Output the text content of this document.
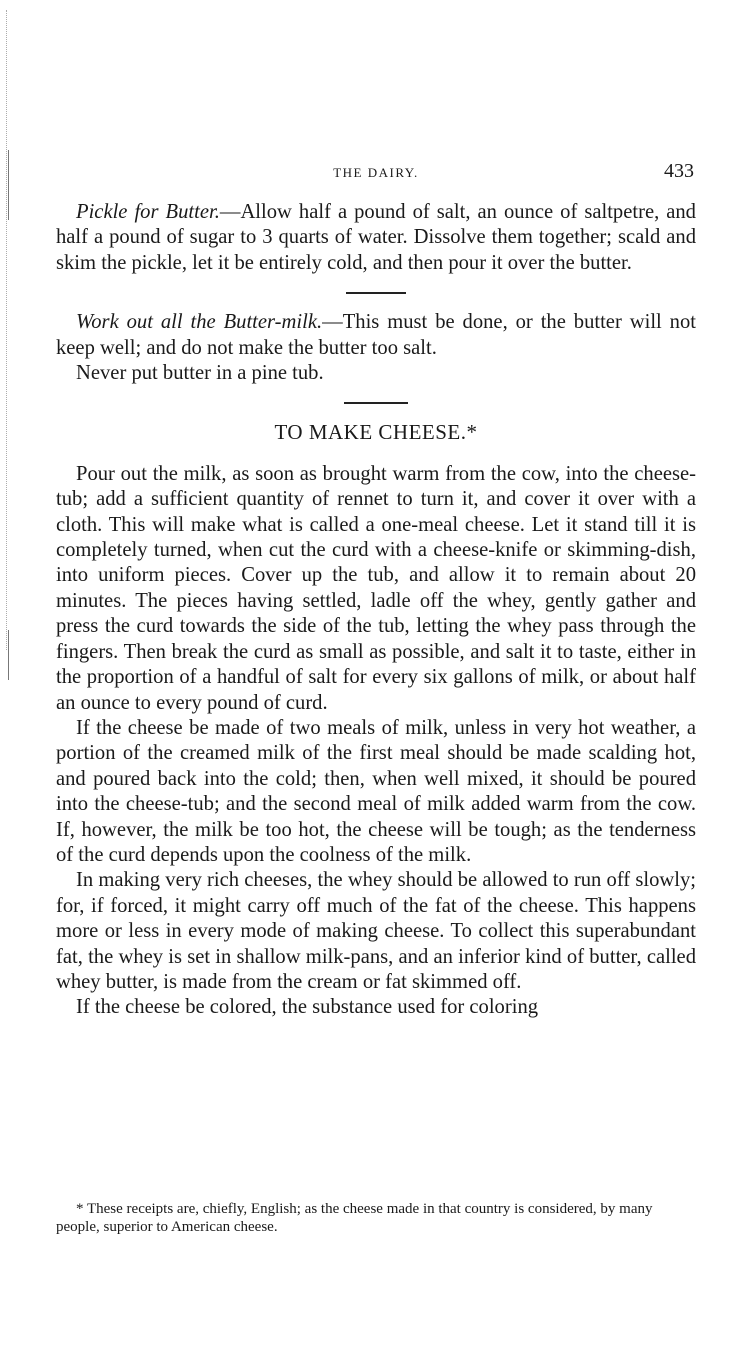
THE DAIRY.	433

Pickle for Butter.—Allow half a pound of salt, an ounce of saltpetre, and half a pound of sugar to 3 quarts of water. Dissolve them together; scald and skim the pickle, let it be entirely cold, and then pour it over the butter.

Work out all the Butter-milk.—This must be done, or the butter will not keep well; and do not make the butter too salt.

Never put butter in a pine tub.

TO MAKE CHEESE.*

Pour out the milk, as soon as brought warm from the cow, into the cheese-tub; add a sufficient quantity of rennet to turn it, and cover it over with a cloth. This will make what is called a one-meal cheese. Let it stand till it is completely turned, when cut the curd with a cheese-knife or skimming-dish, into uniform pieces. Cover up the tub, and allow it to remain about 20 minutes. The pieces having settled, ladle off the whey, gently gather and press the curd towards the side of the tub, letting the whey pass through the fingers. Then break the curd as small as possible, and salt it to taste, either in the proportion of a handful of salt for every six gallons of milk, or about half an ounce to every pound of curd.

If the cheese be made of two meals of milk, unless in very hot weather, a portion of the creamed milk of the first meal should be made scalding hot, and poured back into the cold; then, when well mixed, it should be poured into the cheese-tub; and the second meal of milk added warm from the cow. If, however, the milk be too hot, the cheese will be tough; as the tenderness of the curd depends upon the coolness of the milk.

In making very rich cheeses, the whey should be allowed to run off slowly; for, if forced, it might carry off much of the fat of the cheese. This happens more or less in every mode of making cheese. To collect this superabundant fat, the whey is set in shallow milk-pans, and an inferior kind of butter, called whey butter, is made from the cream or fat skimmed off.

If the cheese be colored, the substance used for coloring

* These receipts are, chiefly, English; as the cheese made in that country is considered, by many people, superior to American cheese.
